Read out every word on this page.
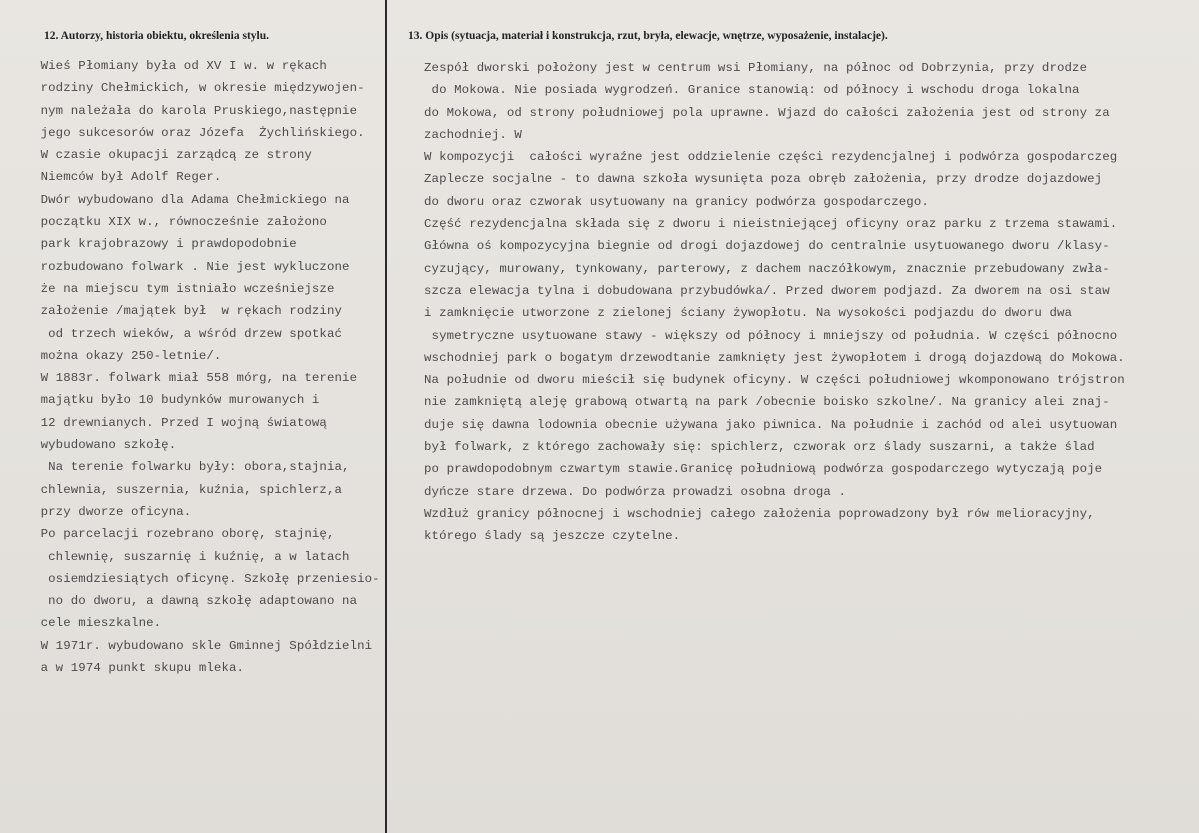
12. Autorzy, historia obiektu, określenia stylu.	13. Opis (sytuacja, materiał i konstrukcja, rzut, bryła, elewacje, wnętrze, wyposażenie, instalacje).
Wieś Płomiany była od XV I w. w rękach
rodziny Chełmickich, w okresie międzywojen-
nym należała do karola Pruskiego,następnie
jego sukcesorów oraz Józefa  Żychlińskiego.
W czasie okupacji zarządcą ze strony
Niemców był Adolf Reger.
Dwór wybudowano dla Adama Chełmickiego na
początku XIX w., równocześnie założono
park krajobrazowy i prawdopodobnie
rozbudowano folwark . Nie jest wykluczone
że na miejscu tym istniało wcześniejsze
założenie /majątek był  w rękach rodziny
od trzech wieków, a wśród drzew spotkać
można okazy 250-letnie/.
W 1883r. folwark miał 558 mórg, na terenie
majątku było 10 budynków murowanych i
12 drewnianych. Przed I wojną światową
wybudowano szkołę.
Na terenie folwarku były: obora,stajnia,
chlewnia, suszernia, kuźnia, spichlerz,a
przy dworze oficyna.
Po parcelacji rozebrano oborę, stajnię,
chlewnię, suszarnię i kuźnię, a w latach
osiemdziesiątych oficynę. Szkołę przeniesio-
no do dworu, a dawną szkołę adaptowano na
cele mieszkalne.
W 1971r. wybudowano skle Gminnej Spółdzielni
a w 1974 punkt skupu mleka.
Zespół dworski położony jest w centrum wsi Płomiany, na północ od Dobrzynia, przy drodze
do Mokowa. Nie posiada wygrodzeń. Granice stanowią: od północy i wschodu droga lokalna
do Mokowa, od strony południowej pola uprawne. Wjazd do całości założenia jest od strony za
zachodniej. W
W kompozycji  całości wyraźne jest oddzielenie części rezydencjalnej i podwórza gospodarczeg
Zaplecze socjalne - to dawna szkoła wysunięta poza obręb założenia, przy drodze dojazdowej
do dworu oraz czworak usytuowany na granicy podwórza gospodarczego.
Część rezydencjalna składa się z dworu i nieistniejącej oficyny oraz parku z trzema stawami.
Główna oś kompozycyjna biegnie od drogi dojazdowej do centralnie usytuowanego dworu /klasy-
cyzujący, murowany, tynkowany, parterowy, z dachem naczółkowym, znacznie przebudowany zwła-
szcza elewacja tylna i dobudowana przybudówka/. Przed dworem podjazd. Za dworem na osi staw
i zamknięcie utworzone z zielonej ściany żywopłotu. Na wysokości podjazdu do dworu dwa
symetryczne usytuowane stawy - większy od północy i mniejszy od południa. W części północno
wschodniej park o bogatym drzewodtanie zamknięty jest żywopłotem i drogą dojazdową do Mokowa.
Na południe od dworu mieścił się budynek oficyny. W części południowej wkomponowano trójstron
nie zamkniętą aleję grabową otwartą na park /obecnie boisko szkolne/. Na granicy alei znaj-
duje się dawna lodownia obecnie używana jako piwnica. Na południe i zachód od alei usytuowan
był folwark, z którego zachowały się: spichlerz, czworak orz ślady suszarni, a także ślad
po prawdopodobnym czwartym stawie.Granicę południową podwórza gospodarczego wytyczają poje
dyńcze stare drzewa. Do podwórza prowadzi osobna droga .
Wzdłuż granicy północnej i wschodniej całego założenia poprowadzony był rów melioracyjny,
którego ślady są jeszcze czytelne.
